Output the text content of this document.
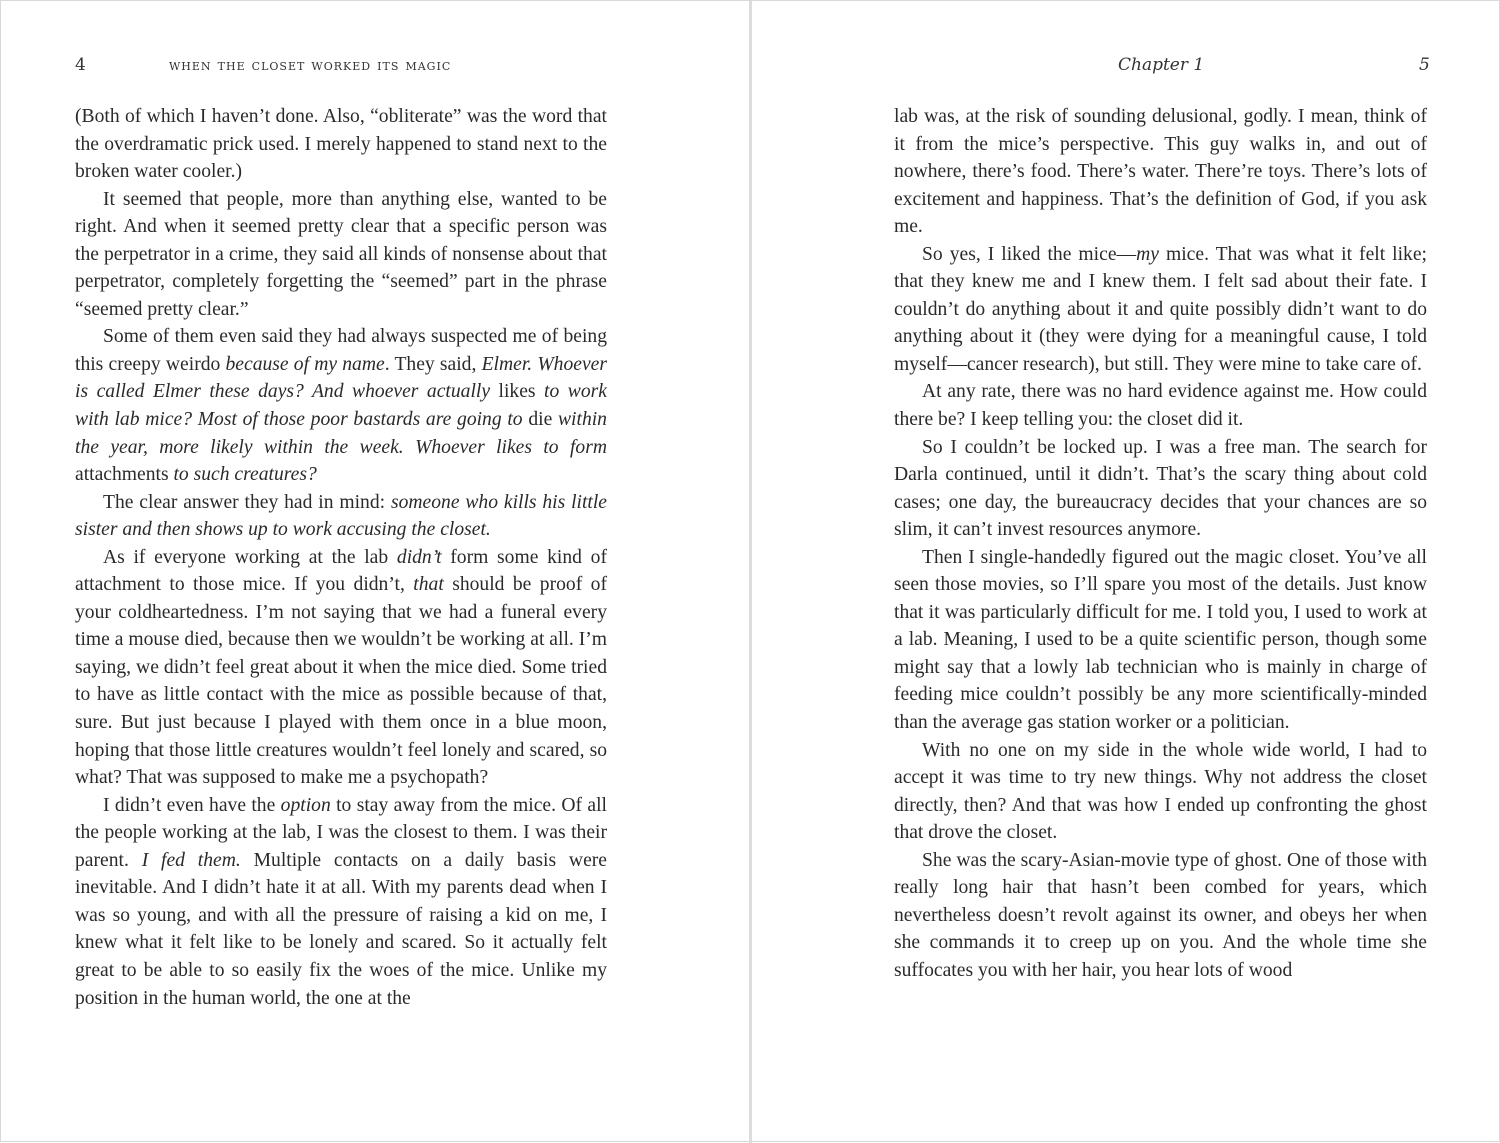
4	when the closet worked its magic

(Both of which I haven’t done. Also, “obliterate” was the word that the overdramatic prick used. I merely happened to stand next to the broken water cooler.)

It seemed that people, more than anything else, wanted to be right. And when it seemed pretty clear that a specific person was the perpetrator in a crime, they said all kinds of nonsense about that perpetrator, completely forgetting the “seemed” part in the phrase “seemed pretty clear.”

Some of them even said they had always suspected me of being this creepy weirdo because of my name. They said, Elmer. Whoever is called Elmer these days? And whoever actually likes to work with lab mice? Most of those poor bastards are going to die within the year, more likely within the week. Whoever likes to form attachments to such creatures?

The clear answer they had in mind: someone who kills his little sister and then shows up to work accusing the closet.

As if everyone working at the lab didn’t form some kind of attachment to those mice. If you didn’t, that should be proof of your coldheartedness. I’m not saying that we had a funeral every time a mouse died, because then we wouldn’t be working at all. I’m saying, we didn’t feel great about it when the mice died. Some tried to have as little contact with the mice as possible because of that, sure. But just because I played with them once in a blue moon, hoping that those little creatures wouldn’t feel lonely and scared, so what? That was supposed to make me a psychopath?

I didn’t even have the option to stay away from the mice. Of all the people working at the lab, I was the closest to them. I was their parent. I fed them. Multiple contacts on a daily basis were inevitable. And I didn’t hate it at all. With my parents dead when I was so young, and with all the pressure of raising a kid on me, I knew what it felt like to be lonely and scared. So it actually felt great to be able to so easily fix the woes of the mice. Unlike my position in the human world, the one at the

Chapter 1	5

lab was, at the risk of sounding delusional, godly. I mean, think of it from the mice’s perspective. This guy walks in, and out of nowhere, there’s food. There’s water. There’re toys. There’s lots of excitement and happiness. That’s the definition of God, if you ask me.

So yes, I liked the mice—my mice. That was what it felt like; that they knew me and I knew them. I felt sad about their fate. I couldn’t do anything about it and quite possibly didn’t want to do anything about it (they were dying for a meaningful cause, I told myself—cancer research), but still. They were mine to take care of.

At any rate, there was no hard evidence against me. How could there be? I keep telling you: the closet did it.

So I couldn’t be locked up. I was a free man. The search for Darla continued, until it didn’t. That’s the scary thing about cold cases; one day, the bureaucracy decides that your chances are so slim, it can’t invest resources anymore.

Then I single-handedly figured out the magic closet. You’ve all seen those movies, so I’ll spare you most of the details. Just know that it was particularly difficult for me. I told you, I used to work at a lab. Meaning, I used to be a quite scientific person, though some might say that a lowly lab technician who is mainly in charge of feeding mice couldn’t possibly be any more scientifically-minded than the average gas station worker or a politician.

With no one on my side in the whole wide world, I had to accept it was time to try new things. Why not address the closet directly, then? And that was how I ended up confronting the ghost that drove the closet.

She was the scary-Asian-movie type of ghost. One of those with really long hair that hasn’t been combed for years, which nevertheless doesn’t revolt against its owner, and obeys her when she commands it to creep up on you. And the whole time she suffocates you with her hair, you hear lots of wood
